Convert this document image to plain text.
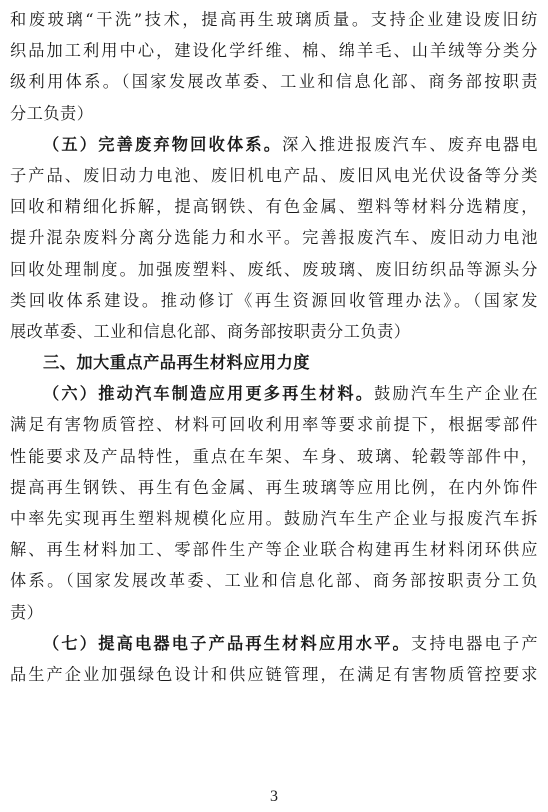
和废玻璃“干洗”技术，提高再生玻璃质量。支持企业建设废旧纺
织品加工利用中心，建设化学纤维、棉、绵羊毛、山羊绒等分类分
级利用体系。（国家发展改革委、工业和信息化部、商务部按职责
分工负责）
（五）完善废弃物回收体系。深入推进报废汽车、废弃电器电
子产品、废旧动力电池、废旧机电产品、废旧风电光伏设备等分类
回收和精细化拆解，提高钢铁、有色金属、塑料等材料分选精度，
提升混杂废料分离分选能力和水平。完善报废汽车、废旧动力电池
回收处理制度。加强废塑料、废纸、废玻璃、废旧纺织品等源头分
类回收体系建设。推动修订《再生资源回收管理办法》。（国家发
展改革委、工业和信息化部、商务部按职责分工负责）
三、加大重点产品再生材料应用力度
（六）推动汽车制造应用更多再生材料。鼓励汽车生产企业在
满足有害物质管控、材料可回收利用率等要求前提下，根据零部件
性能要求及产品特性，重点在车架、车身、玻璃、轮毂等部件中，
提高再生钢铁、再生有色金属、再生玻璃等应用比例，在内外饰件
中率先实现再生塑料规模化应用。鼓励汽车生产企业与报废汽车拆
解、再生材料加工、零部件生产等企业联合构建再生材料闭环供应
体系。（国家发展改革委、工业和信息化部、商务部按职责分工负
责）
（七）提高电器电子产品再生材料应用水平。支持电器电子产
品生产企业加强绿色设计和供应链管理，在满足有害物质管控要求
3
